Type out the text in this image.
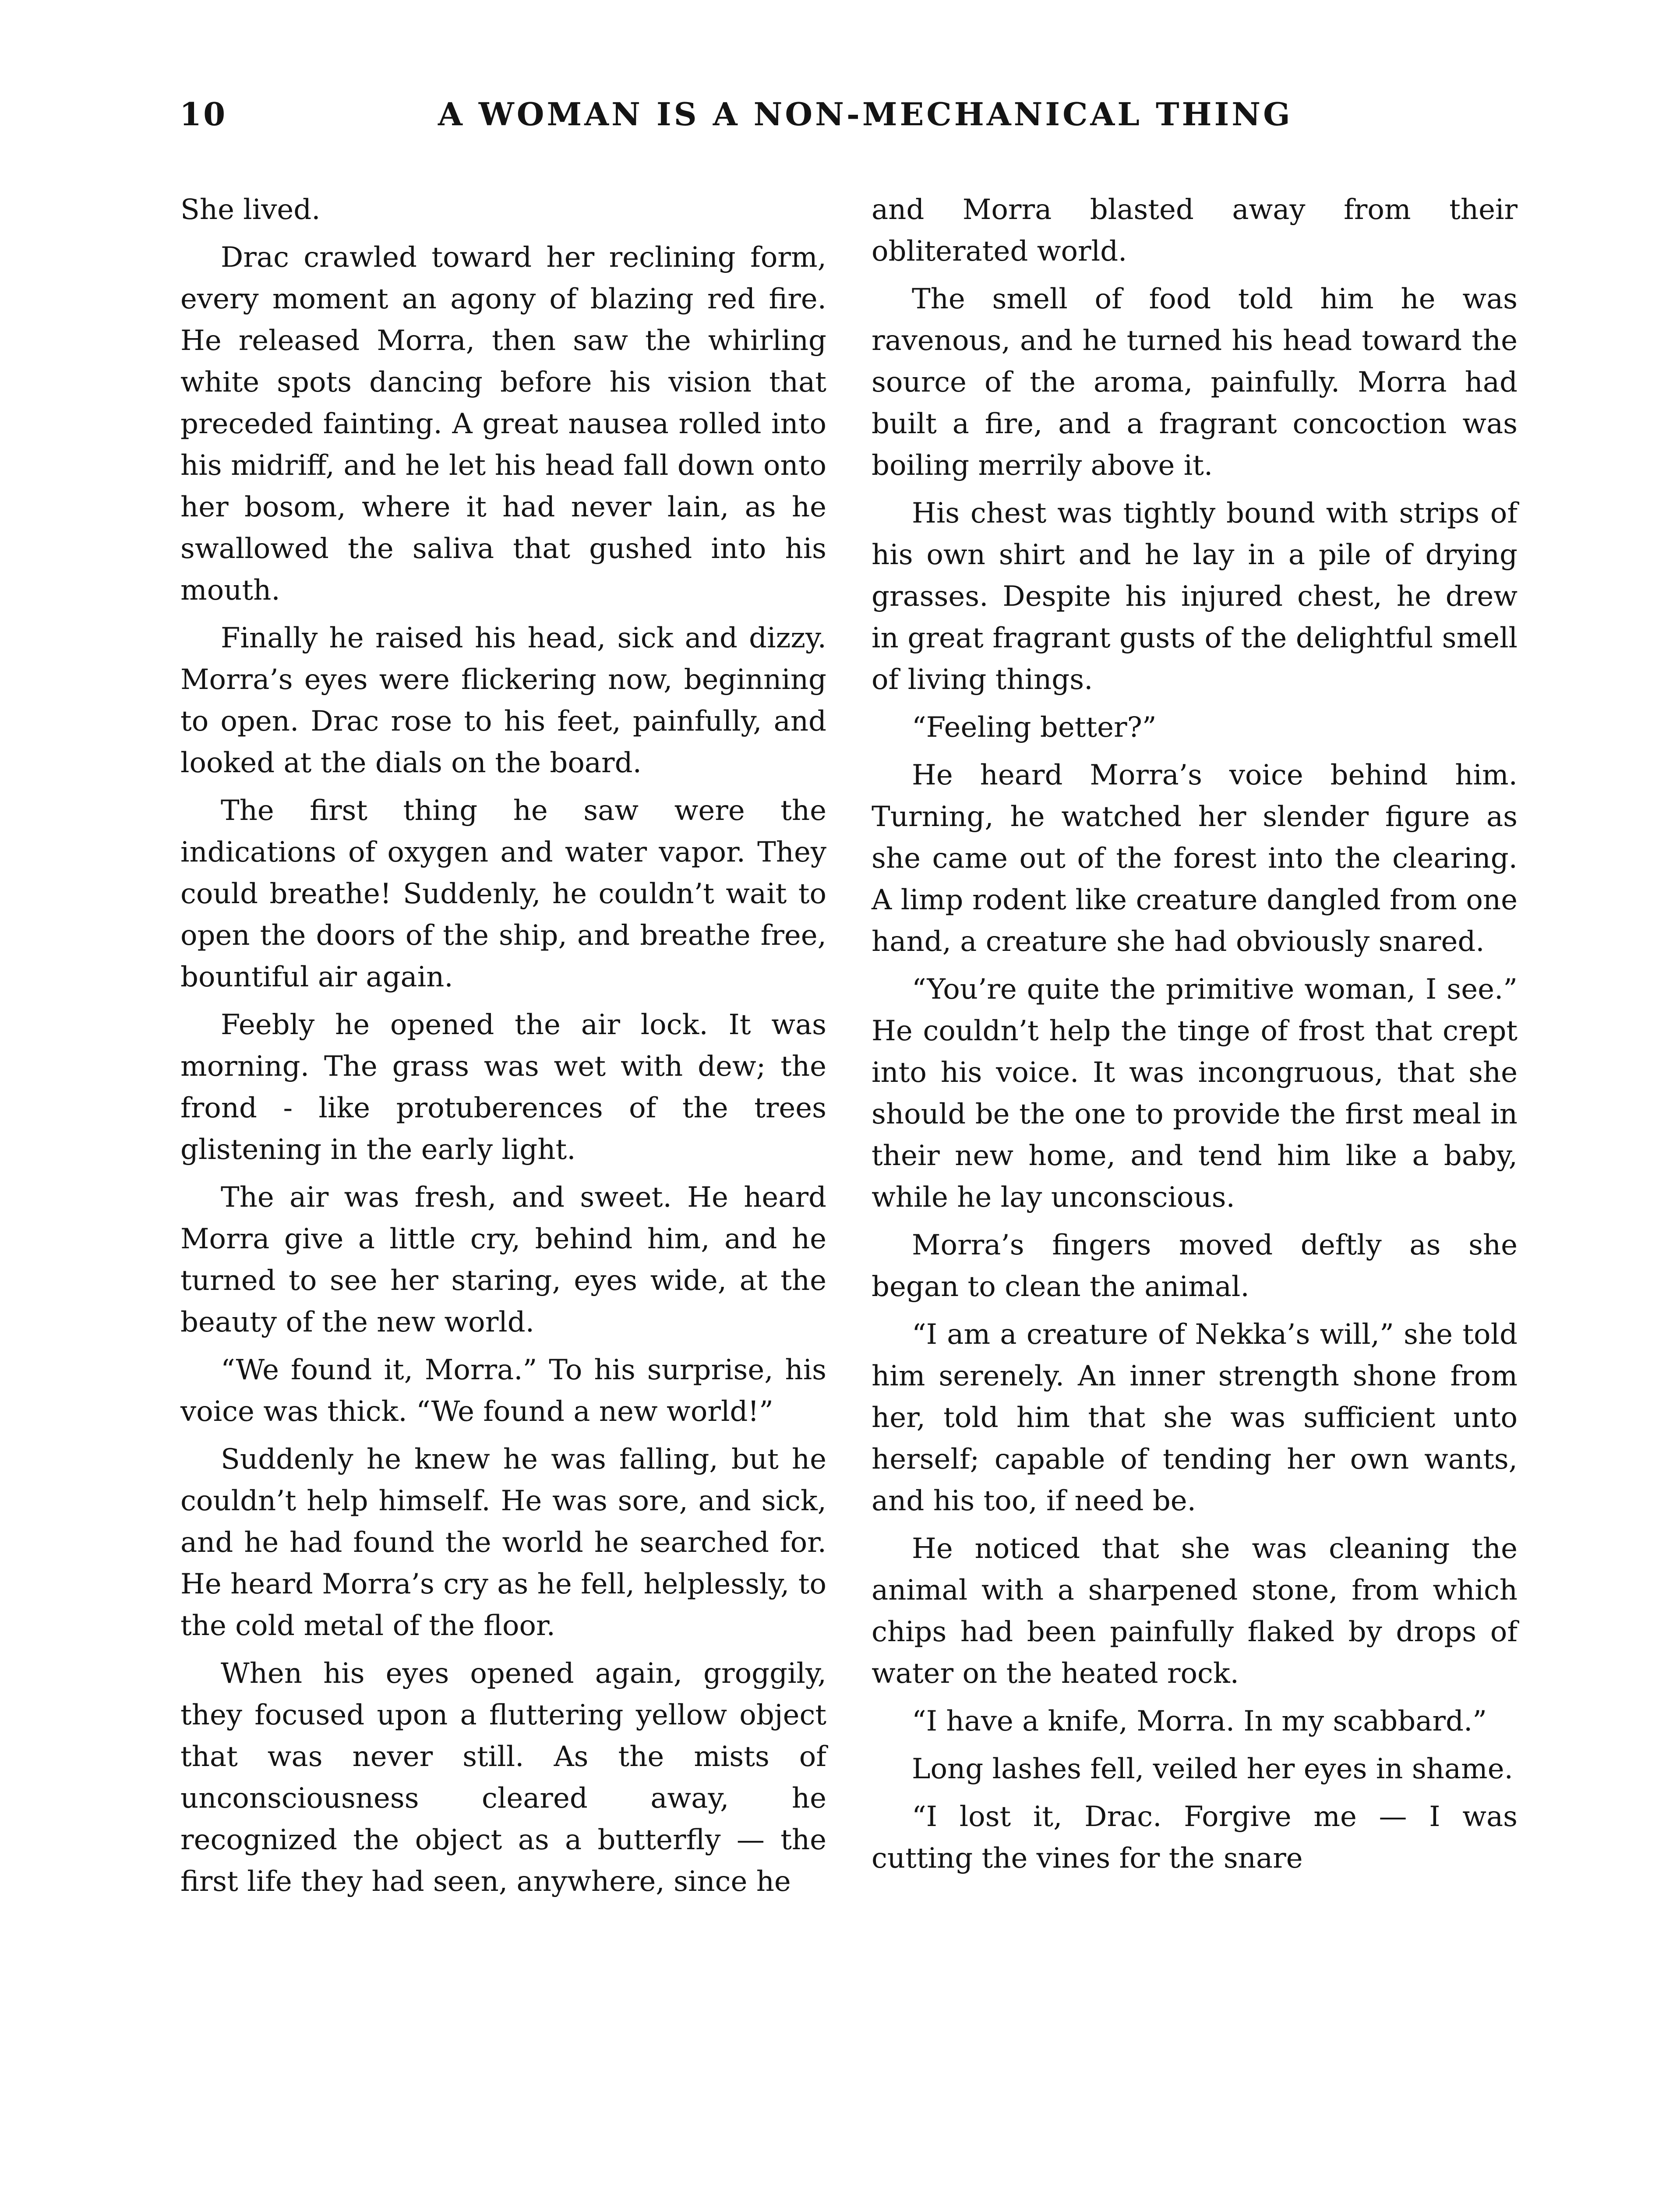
10	A WOMAN IS A NON-MECHANICAL THING

She lived.

Drac crawled toward her reclining form, every moment an agony of blazing red fire. He released Morra, then saw the whirling white spots dancing before his vision that preceded fainting. A great nausea rolled into his midriff, and he let his head fall down onto her bosom, where it had never lain, as he swallowed the saliva that gushed into his mouth.

Finally he raised his head, sick and dizzy. Morra’s eyes were flickering now, beginning to open. Drac rose to his feet, painfully, and looked at the dials on the board.

The first thing he saw were the indications of oxygen and water vapor. They could breathe! Suddenly, he couldn’t wait to open the doors of the ship, and breathe free, bountiful air again.

Feebly he opened the air lock. It was morning. The grass was wet with dew; the frond - like protuberences of the trees glistening in the early light.

The air was fresh, and sweet. He heard Morra give a little cry, behind him, and he turned to see her staring, eyes wide, at the beauty of the new world.

“We found it, Morra.” To his surprise, his voice was thick. “We found a new world!”

Suddenly he knew he was falling, but he couldn’t help himself. He was sore, and sick, and he had found the world he searched for. He heard Morra’s cry as he fell, helplessly, to the cold metal of the floor.

When his eyes opened again, groggily, they focused upon a fluttering yellow object that was never still. As the mists of unconsciousness cleared away, he recognized the object as a butterfly — the first life they had seen, anywhere, since he

and Morra blasted away from their obliterated world.

The smell of food told him he was ravenous, and he turned his head toward the source of the aroma, painfully. Morra had built a fire, and a fragrant concoction was boiling merrily above it.

His chest was tightly bound with strips of his own shirt and he lay in a pile of drying grasses. Despite his injured chest, he drew in great fragrant gusts of the delightful smell of living things.

“Feeling better?”

He heard Morra’s voice behind him. Turning, he watched her slender figure as she came out of the forest into the clearing. A limp rodent like creature dangled from one hand, a creature she had obviously snared.

“You’re quite the primitive woman, I see.” He couldn’t help the tinge of frost that crept into his voice. It was incongruous, that she should be the one to provide the first meal in their new home, and tend him like a baby, while he lay unconscious.

Morra’s fingers moved deftly as she began to clean the animal.

“I am a creature of Nekka’s will,” she told him serenely. An inner strength shone from her, told him that she was sufficient unto herself; capable of tending her own wants, and his too, if need be.

He noticed that she was cleaning the animal with a sharpened stone, from which chips had been painfully flaked by drops of water on the heated rock.

“I have a knife, Morra. In my scabbard.”

Long lashes fell, veiled her eyes in shame.

“I lost it, Drac. Forgive me — I was cutting the vines for the snare
